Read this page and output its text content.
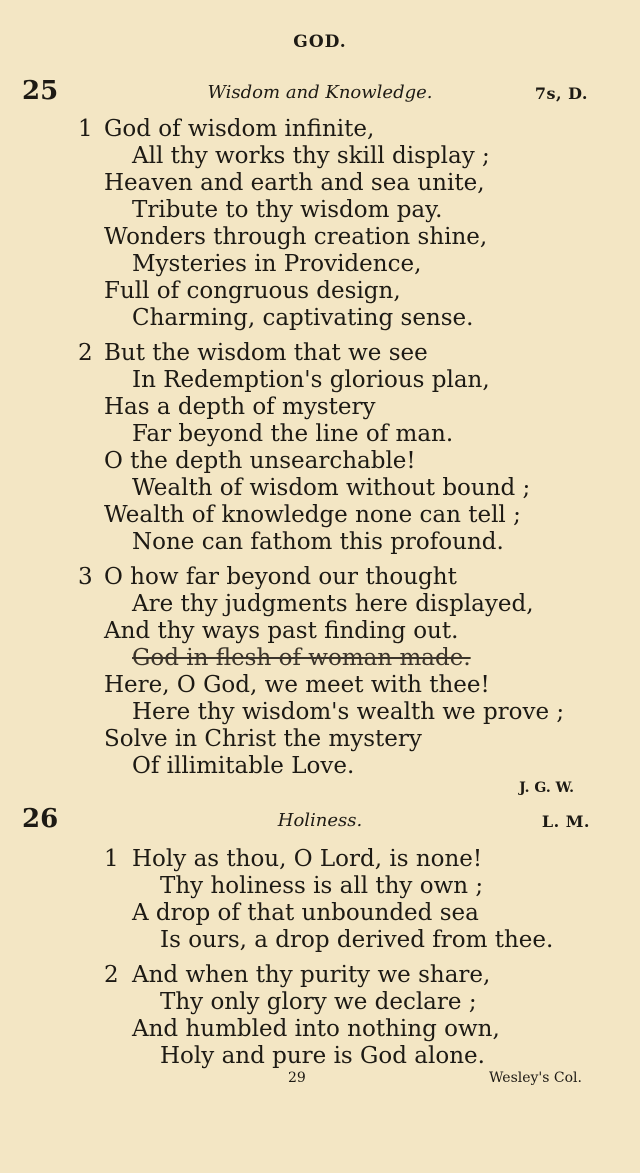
GOD.
25	Wisdom and Knowledge.	7s, D.
1 God of wisdom infinite,
All thy works thy skill display ;
Heaven and earth and sea unite,
Tribute to thy wisdom pay.
Wonders through creation shine,
Mysteries in Providence,
Full of congruous design,
Charming, captivating sense.
2 But the wisdom that we see
In Redemption's glorious plan,
Has a depth of mystery
Far beyond the line of man.
O the depth unsearchable!
Wealth of wisdom without bound ;
Wealth of knowledge none can tell ;
None can fathom this profound.
3 O how far beyond our thought
Are thy judgments here displayed,
And thy ways past finding out.
God in flesh of woman made.
Here, O God, we meet with thee!
Here thy wisdom's wealth we prove ;
Solve in Christ the mystery
Of illimitable Love.
J. G. W.
26	Holiness.	L. M.
1 Holy as thou, O Lord, is none!
Thy holiness is all thy own ;
A drop of that unbounded sea
Is ours, a drop derived from thee.
2 And when thy purity we share,
Thy only glory we declare ;
And humbled into nothing own,
Holy and pure is God alone.
29	Wesley's Col.
